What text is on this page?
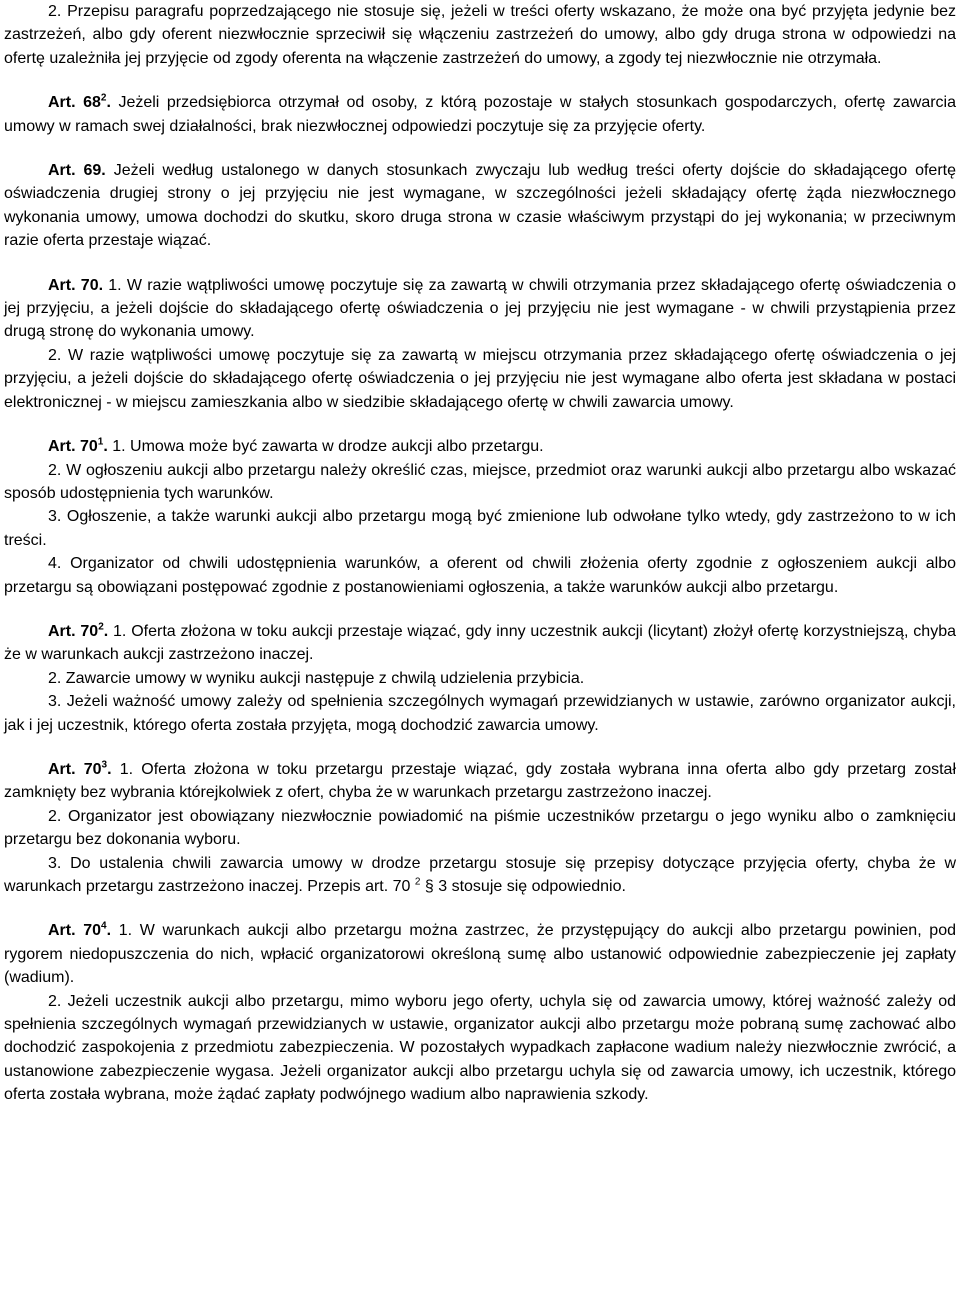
2. Przepisu paragrafu poprzedzającego nie stosuje się, jeżeli w treści oferty wskazano, że może ona być przyjęta jedynie bez zastrzeżeń, albo gdy oferent niezwłocznie sprzeciwił się włączeniu zastrzeżeń do umowy, albo gdy druga strona w odpowiedzi na ofertę uzależniła jej przyjęcie od zgody oferenta na włączenie zastrzeżeń do umowy, a zgody tej niezwłocznie nie otrzymała.

Art. $68^2$. Jeżeli przedsiębiorca otrzymał od osoby, z którą pozostaje w stałych stosunkach gospodarczych, ofertę zawarcia umowy w ramach swej działalności, brak niezwłocznej odpowiedzi poczytuje się za przyjęcie oferty.

Art. 69. Jeżeli według ustalonego w danych stosunkach zwyczaju lub według treści oferty dojście do składającego ofertę oświadczenia drugiej strony o jej przyjęciu nie jest wymagane, w szczególności jeżeli składający ofertę żąda niezwłocznego wykonania umowy, umowa dochodzi do skutku, skoro druga strona w czasie właściwym przystąpi do jej wykonania; w przeciwnym razie oferta przestaje wiązać.

Art. 70. 1. W razie wątpliwości umowę poczytuje się za zawartą w chwili otrzymania przez składającego ofertę oświadczenia o jej przyjęciu, a jeżeli dojście do składającego ofertę oświadczenia o jej przyjęciu nie jest wymagane - w chwili przystąpienia przez drugą stronę do wykonania umowy.

2. W razie wątpliwości umowę poczytuje się za zawartą w miejscu otrzymania przez składającego ofertę oświadczenia o jej przyjęciu, a jeżeli dojście do składającego ofertę oświadczenia o jej przyjęciu nie jest wymagane albo oferta jest składana w postaci elektronicznej - w miejscu zamieszkania albo w siedzibie składającego ofertę w chwili zawarcia umowy.

Art. $70^1$. 1. Umowa może być zawarta w drodze aukcji albo przetargu.

2. W ogłoszeniu aukcji albo przetargu należy określić czas, miejsce, przedmiot oraz warunki aukcji albo przetargu albo wskazać sposób udostępnienia tych warunków.

3. Ogłoszenie, a także warunki aukcji albo przetargu mogą być zmienione lub odwołane tylko wtedy, gdy zastrzeżono to w ich treści.

4. Organizator od chwili udostępnienia warunków, a oferent od chwili złożenia oferty zgodnie z ogłoszeniem aukcji albo przetargu są obowiązani postępować zgodnie z postanowieniami ogłoszenia, a także warunków aukcji albo przetargu.

Art. $70^2$. 1. Oferta złożona w toku aukcji przestaje wiązać, gdy inny uczestnik aukcji (licytant) złożył ofertę korzystniejszą, chyba że w warunkach aukcji zastrzeżono inaczej.

2. Zawarcie umowy w wyniku aukcji następuje z chwilą udzielenia przybicia.

3. Jeżeli ważność umowy zależy od spełnienia szczególnych wymagań przewidzianych w ustawie, zarówno organizator aukcji, jak i jej uczestnik, którego oferta została przyjęta, mogą dochodzić zawarcia umowy.

Art. $70^3$. 1. Oferta złożona w toku przetargu przestaje wiązać, gdy została wybrana inna oferta albo gdy przetarg został zamknięty bez wybrania którejkolwiek z ofert, chyba że w warunkach przetargu zastrzeżono inaczej.

2. Organizator jest obowiązany niezwłocznie powiadomić na piśmie uczestników przetargu o jego wyniku albo o zamknięciu przetargu bez dokonania wyboru.

3. Do ustalenia chwili zawarcia umowy w drodze przetargu stosuje się przepisy dotyczące przyjęcia oferty, chyba że w warunkach przetargu zastrzeżono inaczej. Przepis art. 70 $^2$ § 3 stosuje się odpowiednio.

Art. $70^4$. 1. W warunkach aukcji albo przetargu można zastrzec, że przystępujący do aukcji albo przetargu powinien, pod rygorem niedopuszczenia do nich, wpłacić organizatorowi określoną sumę albo ustanowić odpowiednie zabezpieczenie jej zapłaty (wadium).

2. Jeżeli uczestnik aukcji albo przetargu, mimo wyboru jego oferty, uchyla się od zawarcia umowy, której ważność zależy od spełnienia szczególnych wymagań przewidzianych w ustawie, organizator aukcji albo przetargu może pobraną sumę zachować albo dochodzić zaspokojenia z przedmiotu zabezpieczenia. W pozostałych wypadkach zapłacone wadium należy niezwłocznie zwrócić, a ustanowione zabezpieczenie wygasa. Jeżeli organizator aukcji albo przetargu uchyla się od zawarcia umowy, ich uczestnik, którego oferta została wybrana, może żądać zapłaty podwójnego wadium albo naprawienia szkody.
